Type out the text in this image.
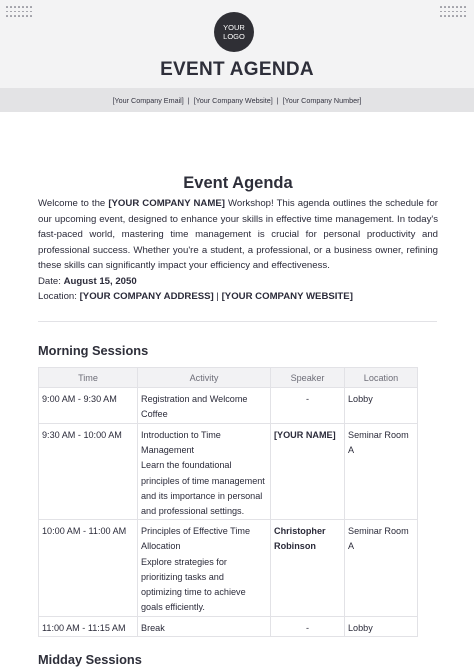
YOUR
LOGO
EVENT AGENDA
[Your Company Email] | [Your Company Website] | [Your Company Number]
Event Agenda

Welcome to the [YOUR COMPANY NAME] Workshop! This agenda outlines the schedule for our upcoming event, designed to enhance your skills in effective time management. In today's fast-paced world, mastering time management is crucial for personal productivity and professional success. Whether you're a student, a professional, or a business owner, refining these skills can significantly impact your efficiency and effectiveness.

Date: August 15, 2050
Location: [YOUR COMPANY ADDRESS] | [YOUR COMPANY WEBSITE]
Morning Sessions
Time	Activity	Speaker	Location
9:00 AM - 9:30 AM	Registration and Welcome Coffee	-	Lobby
9:30 AM - 10:00 AM	Introduction to Time Management
Learn the foundational principles of time management and its importance in personal and professional settings.	[YOUR NAME]	Seminar Room A
10:00 AM - 11:00 AM	Principles of Effective Time Allocation
Explore strategies for prioritizing tasks and optimizing time to achieve goals efficiently.	Christopher Robinson	Seminar Room A
11:00 AM - 11:15 AM	Break	-	Lobby
Midday Sessions
